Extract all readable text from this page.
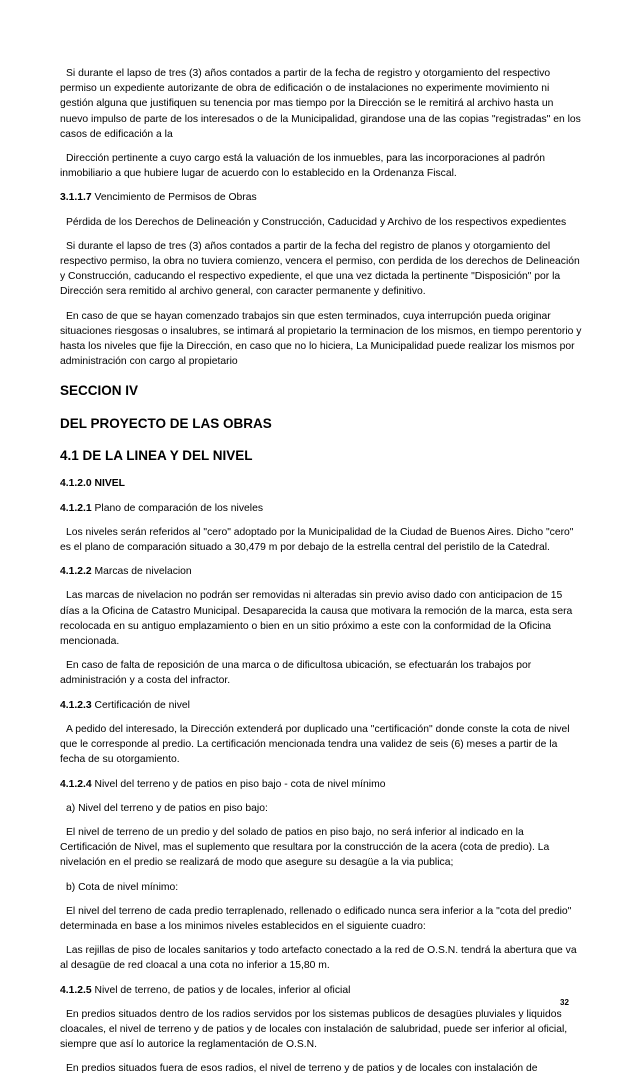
Si durante el lapso de tres (3) años contados a partir de la fecha de registro y otorgamiento del respectivo permiso un expediente autorizante de obra de edificación o de instalaciones no experimente movimiento ni gestión alguna que justifiquen su tenencia por mas tiempo por la Dirección se le remitirá al archivo hasta un nuevo impulso de parte de los interesados o de la Municipalidad, girandose una de las copias "registradas" en los casos de edificación a la

Dirección pertinente a cuyo cargo está la valuación de los inmuebles, para las incorporaciones al padrón inmobiliario a que hubiere lugar de acuerdo con lo establecido en la Ordenanza Fiscal.

3.1.1.7 Vencimiento de Permisos de Obras

Pérdida de los Derechos de Delineación y Construcción, Caducidad y Archivo de los respectivos expedientes

Si durante el lapso de tres (3) años contados a partir de la fecha del registro de planos y otorgamiento del respectivo permiso, la obra no tuviera comienzo, vencera el permiso, con perdida de los derechos de Delineación y Construcción, caducando el respectivo expediente, el que una vez dictada la pertinente "Disposición" por la Dirección sera remitido al archivo general, con caracter permanente y definitivo.

En caso de que se hayan comenzado trabajos sin que esten terminados, cuya interrupción pueda originar situaciones riesgosas o insalubres, se intimará al propietario la terminacion de los mismos, en tiempo perentorio y hasta los niveles que fije la Dirección, en caso que no lo hiciera, La Municipalidad puede realizar los mismos por administración con cargo al propietario

SECCION IV
DEL PROYECTO DE LAS OBRAS
4.1 DE LA LINEA Y DEL NIVEL

4.1.2.0 NIVEL

4.1.2.1 Plano de comparación de los niveles

Los niveles serán referidos al "cero" adoptado por la Municipalidad de la Ciudad de Buenos Aires. Dicho "cero" es el plano de comparación situado a 30,479 m por debajo de la estrella central del peristilo de la Catedral.

4.1.2.2 Marcas de nivelacion

Las marcas de nivelacion no podrán ser removidas ni alteradas sin previo aviso dado con anticipacion de 15 días a la Oficina de Catastro Municipal. Desaparecida la causa que motivara la remoción de la marca, esta sera recolocada en su antiguo emplazamiento o bien en un sitio próximo a este con la conformidad de la Oficina mencionada.

En caso de falta de reposición de una marca o de dificultosa ubicación, se efectuarán los trabajos por administración y a costa del infractor.

4.1.2.3 Certificación de nivel

A pedido del interesado, la Dirección extenderá por duplicado una "certificación" donde conste la cota de nivel que le corresponde al predio. La certificación mencionada tendra una validez de seis (6) meses a partir de la fecha de su otorgamiento.

4.1.2.4 Nivel del terreno y de patios en piso bajo - cota de nivel mínimo

a) Nivel del terreno y de patios en piso bajo:

El nivel de terreno de un predio y del solado de patios en piso bajo, no será inferior al indicado en la Certificación de Nivel, mas el suplemento que resultara por la construcción de la acera (cota de predio). La nivelación en el predio se realizará de modo que asegure su desagüe a la via publica;

b) Cota de nivel mínimo:

El nivel del terreno de cada predio terraplenado, rellenado o edificado nunca sera inferior a la "cota del predio" determinada en base a los minimos niveles establecidos en el siguiente cuadro:

Las rejillas de piso de locales sanitarios y todo artefacto conectado a la red de O.S.N. tendrá la abertura que va al desagüe de red cloacal a una cota no inferior a 15,80 m.

4.1.2.5 Nivel de terreno, de patios y de locales, inferior al oficial

En predios situados dentro de los radios servidos por los sistemas publicos de desagües pluviales y liquidos cloacales, el nivel de terreno y de patios y de locales con instalación de salubridad, puede ser inferior al oficial, siempre que así lo autorice la reglamentación de O.S.N.

En predios situados fuera de esos radios, el nivel de terreno y de patios y de locales con instalación de

32
